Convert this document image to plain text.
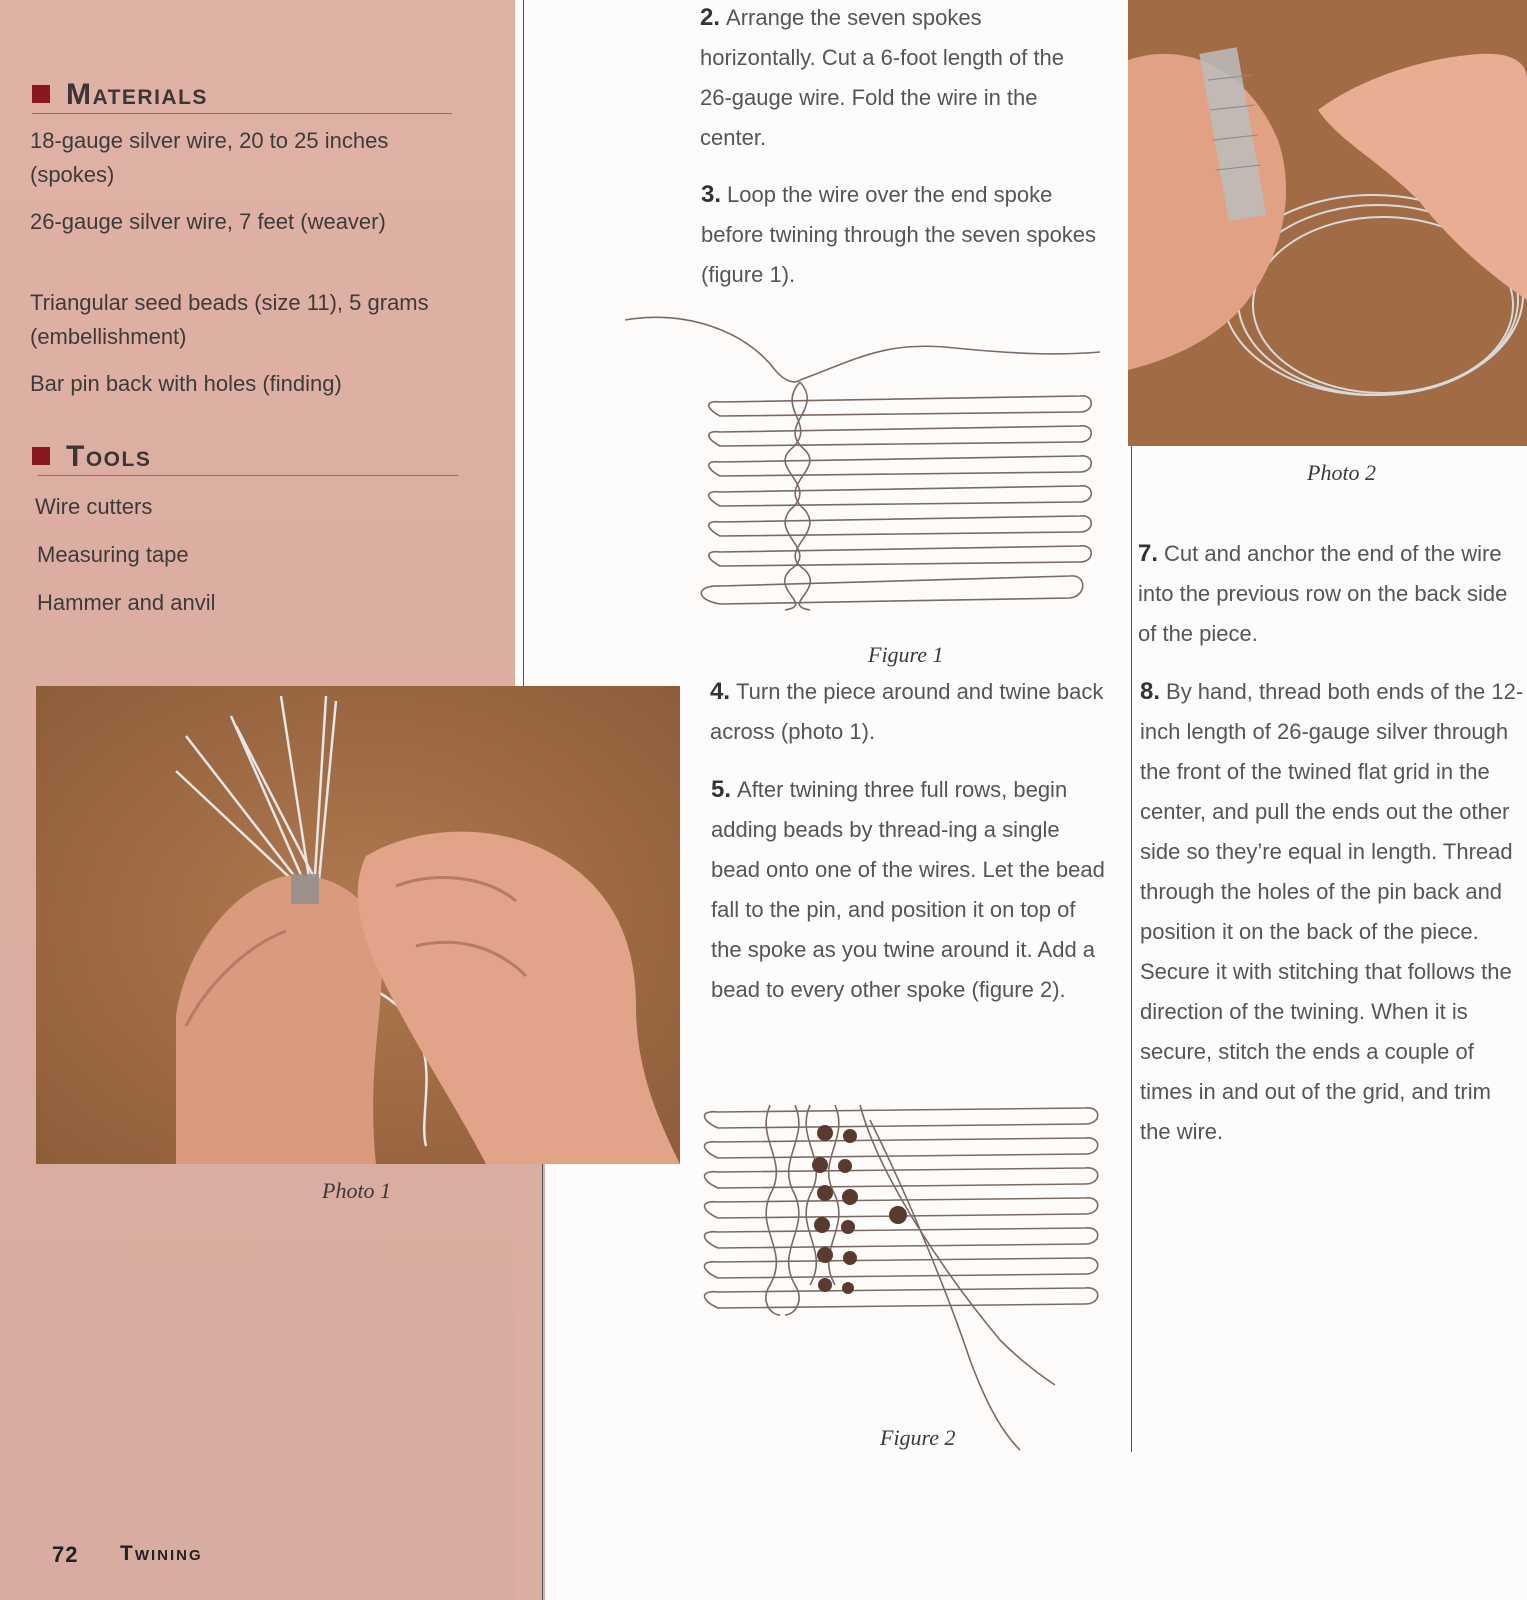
Materials
18-gauge silver wire, 20 to 25 inches (spokes)
26-gauge silver wire, 7 feet (weaver)
Triangular seed beads (size 11), 5 grams (embellishment)
Bar pin back with holes (finding)
Tools
Wire cutters
Measuring tape
Hammer and anvil
Photo 1
2. Arrange the seven spokes horizontally. Cut a 6-foot length of the 26-gauge wire. Fold the wire in the center.
3. Loop the wire over the end spoke before twining through the seven spokes (figure 1).
Figure 1
4. Turn the piece around and twine back across (photo 1).
5. After twining three full rows, begin adding beads by thread-ing a single bead onto one of the wires. Let the bead fall to the pin, and position it on top of the spoke as you twine around it. Add a bead to every other spoke (figure 2).
Figure 2
Photo 2
7. Cut and anchor the end of the wire into the previous row on the back side of the piece.
8. By hand, thread both ends of the 12-inch length of 26-gauge silver through the front of the twined flat grid in the center, and pull the ends out the other side so they’re equal in length. Thread through the holes of the pin back and position it on the back of the piece. Secure it with stitching that follows the direction of the twining. When it is secure, stitch the ends a couple of times in and out of the grid, and trim the wire.
72 Twining
